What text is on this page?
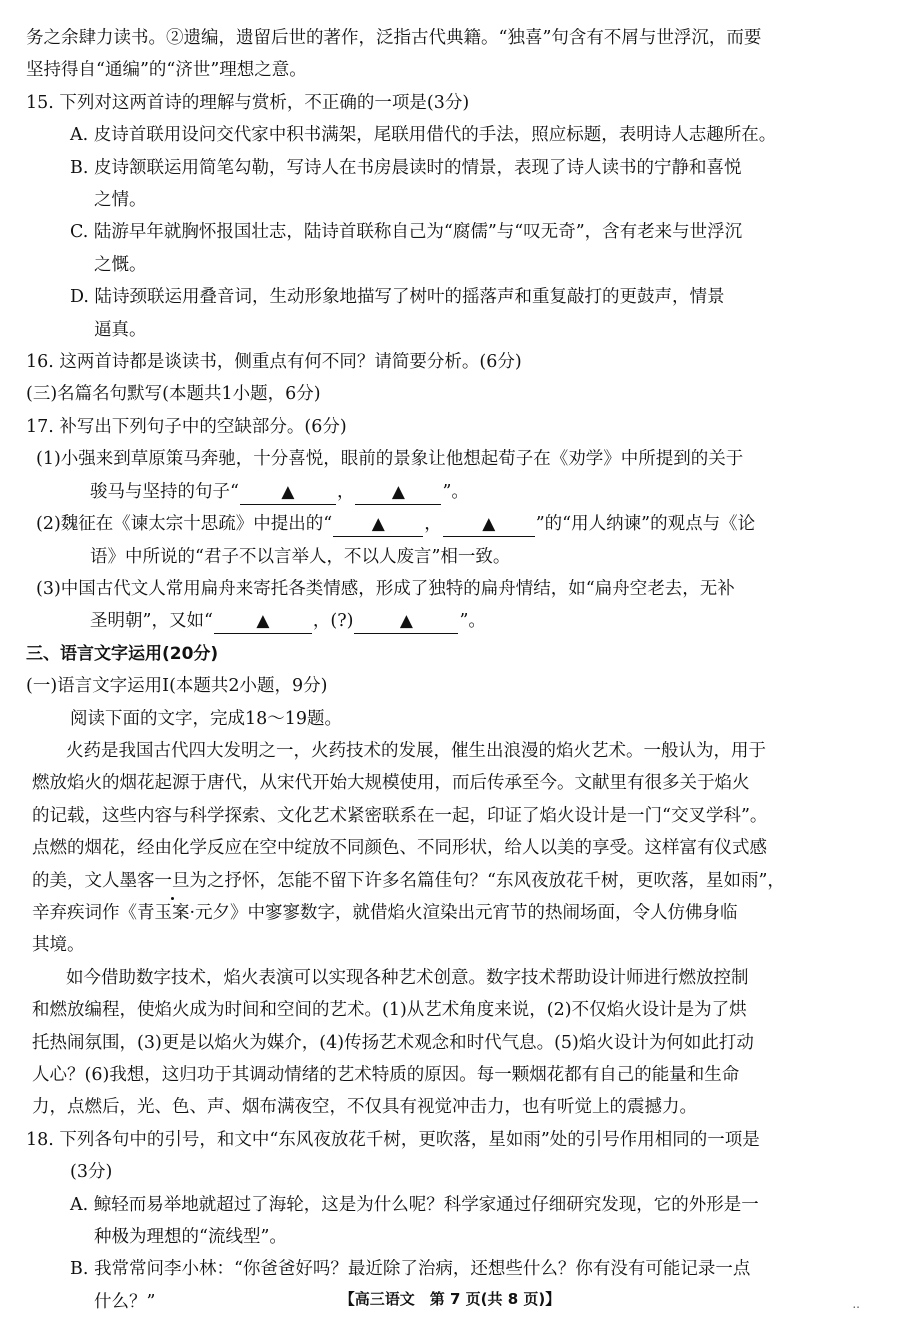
务之余肆力读书。②遗编，遗留后世的著作，泛指古代典籍。“独喜”句含有不屑与世浮沉，而要
坚持得自“通编”的“济世”理想之意。
15. 下列对这两首诗的理解与赏析，不正确的一项是(3分)
A. 皮诗首联用设问交代家中积书满架，尾联用借代的手法，照应标题，表明诗人志趣所在。
B. 皮诗颔联运用简笔勾勒，写诗人在书房晨读时的情景，表现了诗人读书的宁静和喜悦
之情。
C. 陆游早年就胸怀报国壮志，陆诗首联称自己为“腐儒”与“叹无奇”，含有老来与世浮沉
之慨。
D. 陆诗颈联运用叠音词，生动形象地描写了树叶的摇落声和重复敲打的更鼓声，情景
逼真。
16. 这两首诗都是谈读书，侧重点有何不同？请简要分析。(6分)
(三)名篇名句默写(本题共1小题，6分)
17. 补写出下列句子中的空缺部分。(6分)
(1)小强来到草原策马奔驰，十分喜悦，眼前的景象让他想起荀子在《劝学》中所提到的关于
骏马与坚持的句子“ ▲ ， ▲ ”。
(2)魏征在《谏太宗十思疏》中提出的“ ▲ ， ▲ ”的“用人纳谏”的观点与《论
语》中所说的“君子不以言举人，不以人废言”相一致。
(3)中国古代文人常用扁舟来寄托各类情感，形成了独特的扁舟情结，如“扁舟空老去，无补
圣明朝”，又如“	▲ ，(?)	▲	”。
三、语言文字运用(20分)
(一)语言文字运用Ⅰ(本题共2小题，9分)
阅读下面的文字，完成18～19题。
火药是我国古代四大发明之一，火药技术的发展，催生出浪漫的焰火艺术。一般认为，用于
燃放焰火的烟花起源于唐代，从宋代开始大规模使用，而后传承至今。文献里有很多关于焰火
的记载，这些内容与科学探索、文化艺术紧密联系在一起，印证了焰火设计是一门“交叉学科”。
点燃的烟花，经由化学反应在空中绽放不同颜色、不同形状，给人以美的享受。这样富有仪式感
的美，文人墨客一旦为之抒怀，怎能不留下许多名篇佳句？“东风夜放花千树，更吹落，星如雨”，
辛弃疾词作《青玉案·元夕》中寥寥数字，就借焰火渲染出元宵节的热闹场面，令人仿佛身临
其境。
如今借助数字技术，焰火表演可以实现各种艺术创意。数字技术帮助设计师进行燃放控制
和燃放编程，使焰火成为时间和空间的艺术。(1)从艺术角度来说，(2)不仅焰火设计是为了烘
托热闹氛围，(3)更是以焰火为媒介，(4)传扬艺术观念和时代气息。(5)焰火设计为何如此打动
人心？(6)我想，这归功于其调动情绪的艺术特质的原因。每一颗烟花都有自己的能量和生命
力，点燃后，光、色、声、烟布满夜空，不仅具有视觉冲击力，也有听觉上的震撼力。
18. 下列各句中的引号，和文中“东风夜放花千树，更吹落，星如雨”处的引号作用相同的一项是
(3分)
A. 鲸轻而易举地就超过了海轮，这是为什么呢？科学家通过仔细研究发现，它的外形是一
种极为理想的“流线型”。
B. 我常常问李小林：“你爸爸好吗？最近除了治病，还想些什么？你有没有可能记录一点
什么？”	【高三语文　第 7 页(共 8 页)】	..
